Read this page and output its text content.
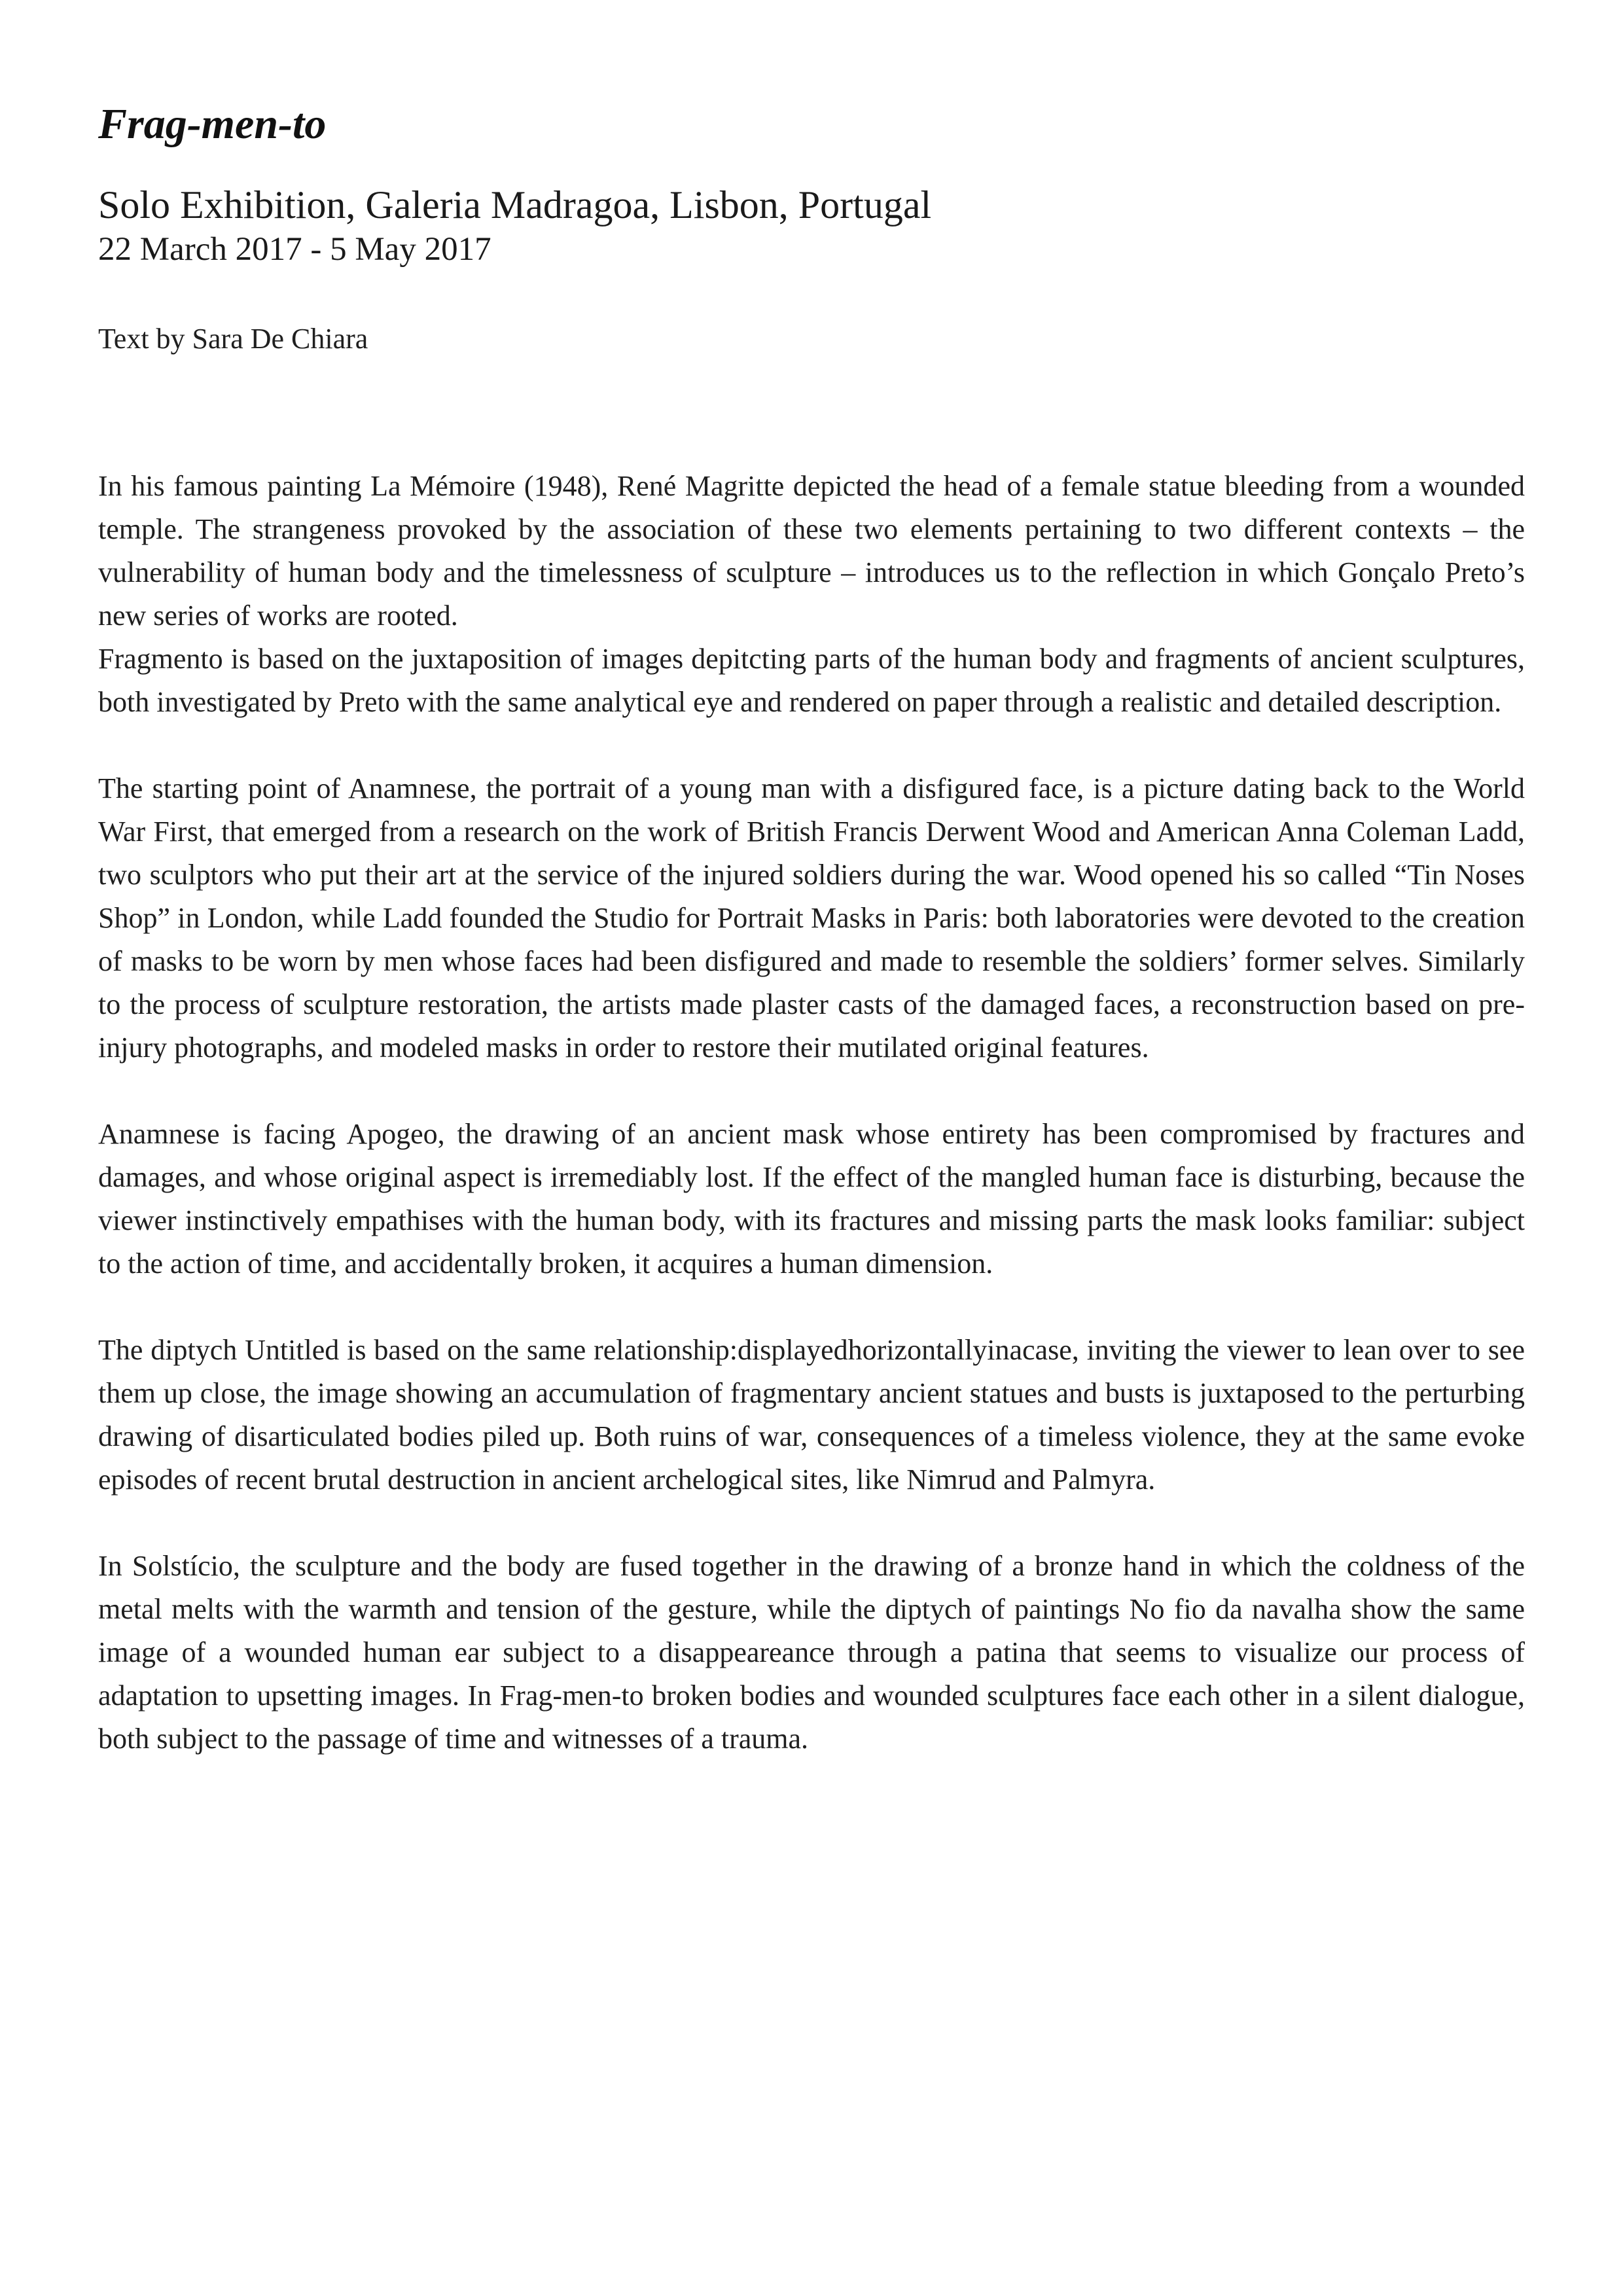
Frag-men-to
Solo Exhibition, Galeria Madragoa, Lisbon, Portugal
22 March 2017 - 5 May 2017
Text by Sara De Chiara

In his famous painting La Mémoire (1948), René Magritte depicted the head of a female statue bleeding from a wounded temple. The strangeness provoked by the association of these two elements pertaining to two different contexts – the vulnerability of human body and the timelessness of sculpture – introduces us to the reflection in which Gonçalo Preto’s new series of works are rooted.

Fragmento is based on the juxtaposition of images depitcting parts of the human body and fragments of ancient sculptures, both investigated by Preto with the same analytical eye and rendered on paper through a realistic and detailed description.

The starting point of Anamnese, the portrait of a young man with a disfigured face, is a picture dating back to the World War First, that emerged from a research on the work of British Francis Derwent Wood and American Anna Coleman Ladd, two sculptors who put their art at the service of the injured soldiers during the war. Wood opened his so called “Tin Noses Shop” in London, while Ladd founded the Studio for Portrait Masks in Paris: both laboratories were devoted to the creation of masks to be worn by men whose faces had been disfigured and made to resemble the soldiers’ former selves. Similarly to the process of sculpture restoration, the artists made plaster casts of the damaged faces, a reconstruction based on pre-injury photographs, and modeled masks in order to restore their mutilated original features.

Anamnese is facing Apogeo, the drawing of an ancient mask whose entirety has been compromised by fractures and damages, and whose original aspect is irremediably lost. If the effect of the mangled human face is disturbing, because the viewer instinctively empathises with the human body, with its fractures and missing parts the mask looks familiar: subject to the action of time, and accidentally broken, it acquires a human dimension.

The diptych Untitled is based on the same relationship:displayedhorizontallyinacase, inviting the viewer to lean over to see them up close, the image showing an accumulation of fragmentary ancient statues and busts is juxtaposed to the perturbing drawing of disarticulated bodies piled up. Both ruins of war, consequences of a timeless violence, they at the same evoke episodes of recent brutal destruction in ancient archelogical sites, like Nimrud and Palmyra.

In Solstício, the sculpture and the body are fused together in the drawing of a bronze hand in which the coldness of the metal melts with the warmth and tension of the gesture, while the diptych of paintings No fio da navalha show the same image of a wounded human ear subject to a disappeareance through a patina that seems to visualize our process of adaptation to upsetting images. In Frag-men-to broken bodies and wounded sculptures face each other in a silent dialogue, both subject to the passage of time and witnesses of a trauma.
